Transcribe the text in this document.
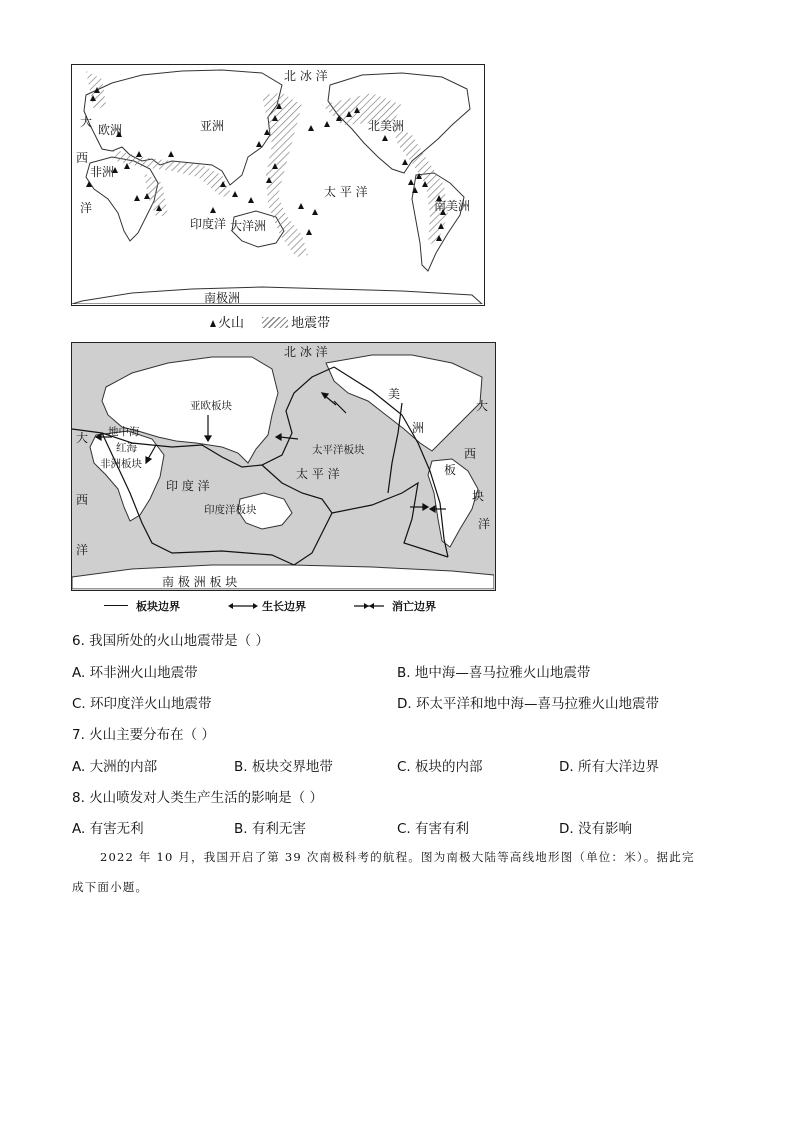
北 冰 洋
亚洲
欧洲
非洲
北美洲
南美洲
大洋洲
南极洲
太 平 洋
印度洋
大
西
洋
火山	地震带
北 冰 洋
亚欧板块
太平洋板块
太 平 洋
地中海
红海
非洲板块
印 度 洋
印度洋板块
南 极 洲 板 块
美
洲
板
块
大
西
洋
大
西
洋
板块边界	生长边界	消亡边界
6. 我国所处的火山地震带是（ ）
A. 环非洲火山地震带	B. 地中海—喜马拉雅火山地震带
C. 环印度洋火山地震带	D. 环太平洋和地中海—喜马拉雅火山地震带
7. 火山主要分布在（ ）
A. 大洲的内部	B. 板块交界地带	C. 板块的内部	D. 所有大洋边界
8. 火山喷发对人类生产生活的影响是（ ）
A. 有害无利	B. 有利无害	C. 有害有利	D. 没有影响
2022 年 10 月，我国开启了第 39 次南极科考的航程。图为南极大陆等高线地形图（单位：米）。据此完
成下面小题。
